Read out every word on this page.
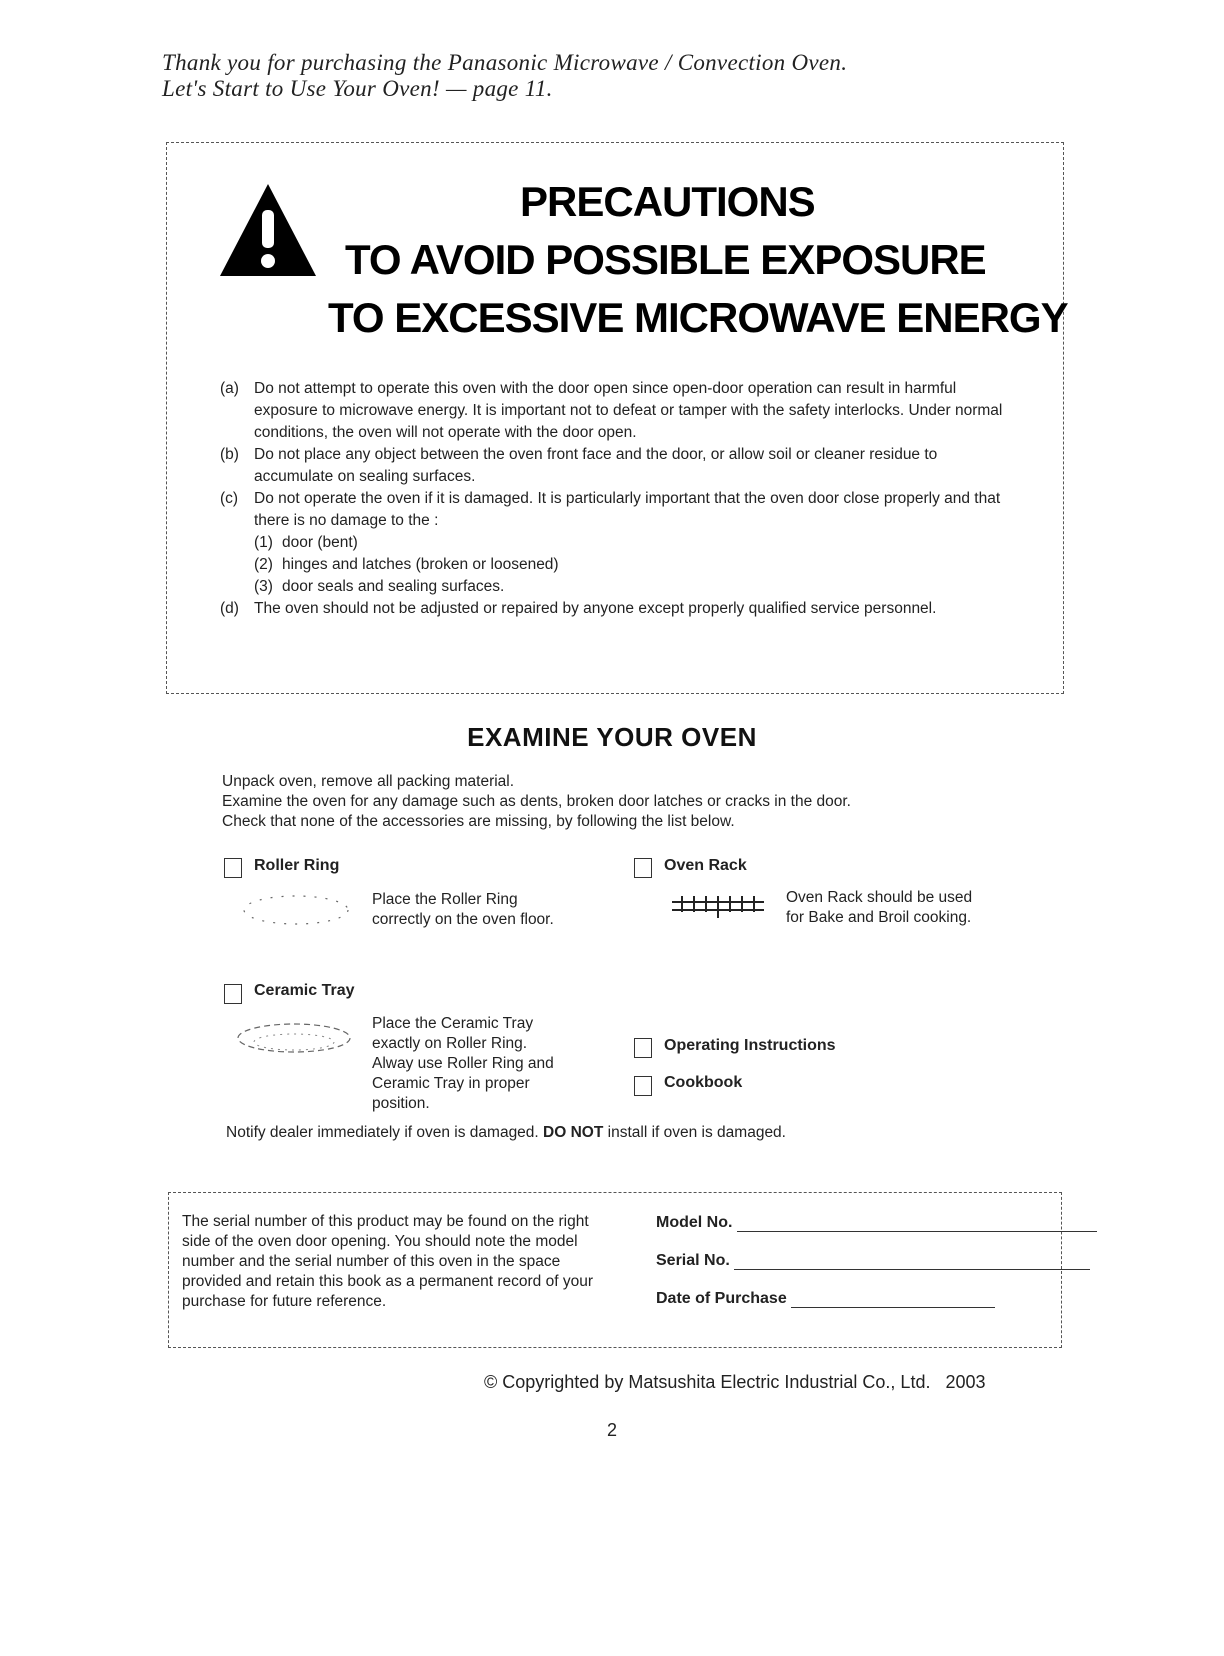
Thank you for purchasing the Panasonic Microwave / Convection Oven.
Let's Start to Use Your Oven! — page 11.
PRECAUTIONS
TO AVOID POSSIBLE EXPOSURE
TO EXCESSIVE MICROWAVE ENERGY
(a) Do not attempt to operate this oven with the door open since open-door operation can result in harmful exposure to microwave energy. It is important not to defeat or tamper with the safety interlocks. Under normal conditions, the oven will not operate with the door open.
(b) Do not place any object between the oven front face and the door, or allow soil or cleaner residue to accumulate on sealing surfaces.
(c)	Do not operate the oven if it is damaged. It is particularly important that the oven door close properly and that there is no damage to the :
(1) door (bent)
(2) hinges and latches (broken or loosened)
(3) door seals and sealing surfaces.
(d) The oven should not be adjusted or repaired by anyone except properly qualified service personnel.
EXAMINE YOUR OVEN
Unpack oven, remove all packing material.
Examine the oven for any damage such as dents, broken door latches or cracks in the door.
Check that none of the accessories are missing, by following the list below.
Roller Ring
Place the Roller Ring
correctly on the oven floor.
Oven Rack
Oven Rack should be used
for Bake and Broil cooking.
Ceramic Tray
Place the Ceramic Tray
exactly on Roller Ring.
Alway use Roller Ring and
Ceramic Tray in proper
position.
Operating Instructions
Cookbook
Notify dealer immediately if oven is damaged. DO NOT install if oven is damaged.
The serial number of this product may be found on the right side of the oven door opening. You should note the model number and the serial number of this oven in the space provided and retain this book as a permanent record of your purchase for future reference.
Model No.
Serial No.
Date of Purchase
© Copyrighted by Matsushita Electric Industrial Co., Ltd. 2003
2
